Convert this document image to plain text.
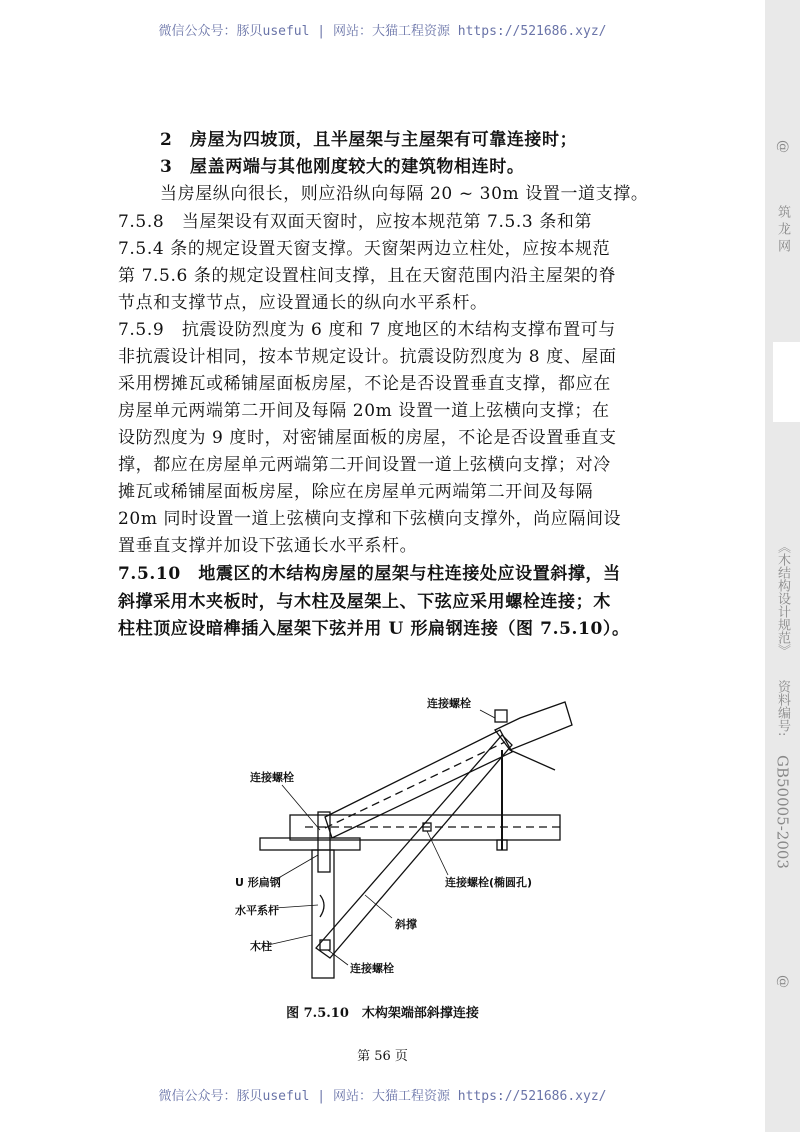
微信公众号：豚贝useful | 网站：大猫工程资源 https://521686.xyz/
@
筑 龙 网
《木结构设计规范》
资料编号:
GB50005-2003
@
2　房屋为四坡顶，且半屋架与主屋架有可靠连接时；
3　屋盖两端与其他刚度较大的建筑物相连时。
当房屋纵向很长，则应沿纵向每隔 20 ~ 30m 设置一道支撑。
7.5.8　当屋架设有双面天窗时，应按本规范第 7.5.3 条和第
7.5.4 条的规定设置天窗支撑。天窗架两边立柱处，应按本规范
第 7.5.6 条的规定设置柱间支撑，且在天窗范围内沿主屋架的脊
节点和支撑节点，应设置通长的纵向水平系杆。
7.5.9　抗震设防烈度为 6 度和 7 度地区的木结构支撑布置可与
非抗震设计相同，按本节规定设计。抗震设防烈度为 8 度、屋面
采用楞摊瓦或稀铺屋面板房屋，不论是否设置垂直支撑，都应在
房屋单元两端第二开间及每隔 20m 设置一道上弦横向支撑；在
设防烈度为 9 度时，对密铺屋面板的房屋，不论是否设置垂直支
撑，都应在房屋单元两端第二开间设置一道上弦横向支撑；对冷
摊瓦或稀铺屋面板房屋，除应在房屋单元两端第二开间及每隔
20m 同时设置一道上弦横向支撑和下弦横向支撑外，尚应隔间设
置垂直支撑并加设下弦通长水平系杆。
7.5.10　地震区的木结构房屋的屋架与柱连接处应设置斜撑，当
斜撑采用木夹板时，与木柱及屋架上、下弦应采用螺栓连接；木
柱柱顶应设暗榫插入屋架下弦并用 U 形扁钢连接（图 7.5.10）。
连接螺栓
连接螺栓
U 形扁钢
水平系杆
木柱
连接螺栓
连接螺栓(椭圆孔)
斜撑
图 7.5.10　木构架端部斜撑连接
第 56 页
微信公众号：豚贝useful | 网站：大猫工程资源 https://521686.xyz/
